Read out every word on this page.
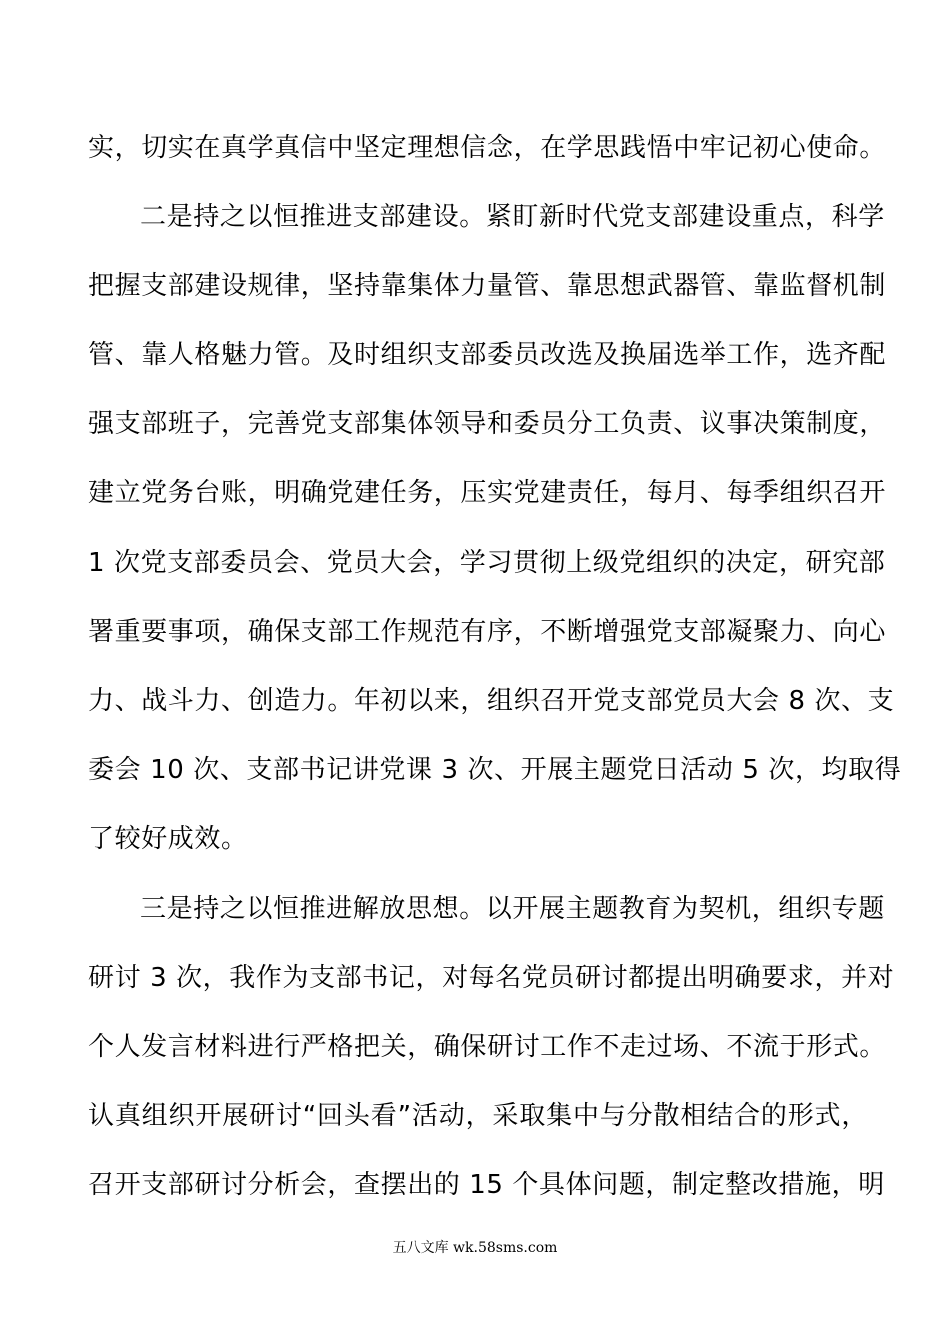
实，切实在真学真信中坚定理想信念，在学思践悟中牢记初心使命。
二是持之以恒推进支部建设。紧盯新时代党支部建设重点，科学
把握支部建设规律，坚持靠集体力量管、靠思想武器管、靠监督机制
管、靠人格魅力管。及时组织支部委员改选及换届选举工作，选齐配
强支部班子，完善党支部集体领导和委员分工负责、议事决策制度，
建立党务台账，明确党建任务，压实党建责任，每月、每季组织召开
1 次党支部委员会、党员大会，学习贯彻上级党组织的决定，研究部
署重要事项，确保支部工作规范有序，不断增强党支部凝聚力、向心
力、战斗力、创造力。年初以来，组织召开党支部党员大会 8 次、支
委会 10 次、支部书记讲党课 3 次、开展主题党日活动 5 次，均取得
了较好成效。
三是持之以恒推进解放思想。以开展主题教育为契机，组织专题
研讨 3 次，我作为支部书记，对每名党员研讨都提出明确要求，并对
个人发言材料进行严格把关，确保研讨工作不走过场、不流于形式。
认真组织开展研讨“回头看”活动，采取集中与分散相结合的形式，
召开支部研讨分析会，查摆出的 15 个具体问题，制定整改措施，明
五八文库 wk.58sms.com
